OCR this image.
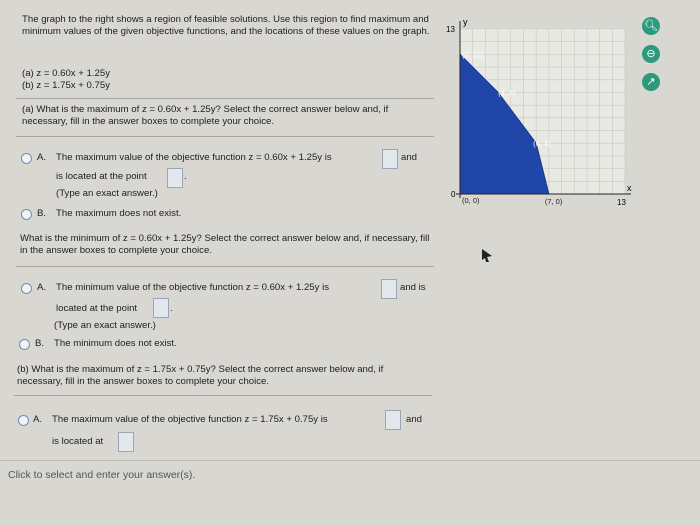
The graph to the right shows a region of feasible solutions. Use this region to find maximum and minimum values of the given objective functions, and the locations of these values on the graph.
(a) z = 0.60x + 1.25y
(b) z = 1.75x + 0.75y
(a) What is the maximum of z = 0.60x + 1.25y? Select the correct answer below and, if necessary, fill in the answer boxes to complete your choice.
A. The maximum value of the objective function z = 0.60x + 1.25y is	and
is located at the point	.
(Type an exact answer.)
B. The maximum does not exist.
What is the minimum of z = 0.60x + 1.25y? Select the correct answer below and, if necessary, fill in the answer boxes to complete your choice.
A. The minimum value of the objective function z = 0.60x + 1.25y is	and is
located at the point	.
(Type an exact answer.)
B. The minimum does not exist.
(b) What is the maximum of z = 1.75x + 0.75y? Select the correct answer below and, if necessary, fill in the answer boxes to complete your choice.
A. The maximum value of the objective function z = 1.75x + 0.75y is	and
is located at
Click to select and enter your answer(s).
y
x
13
13
0
(0, 11)
(3, 8)
(6, 4)
(7, 0)
(0, 0)
🔍︎
⊖
↗
